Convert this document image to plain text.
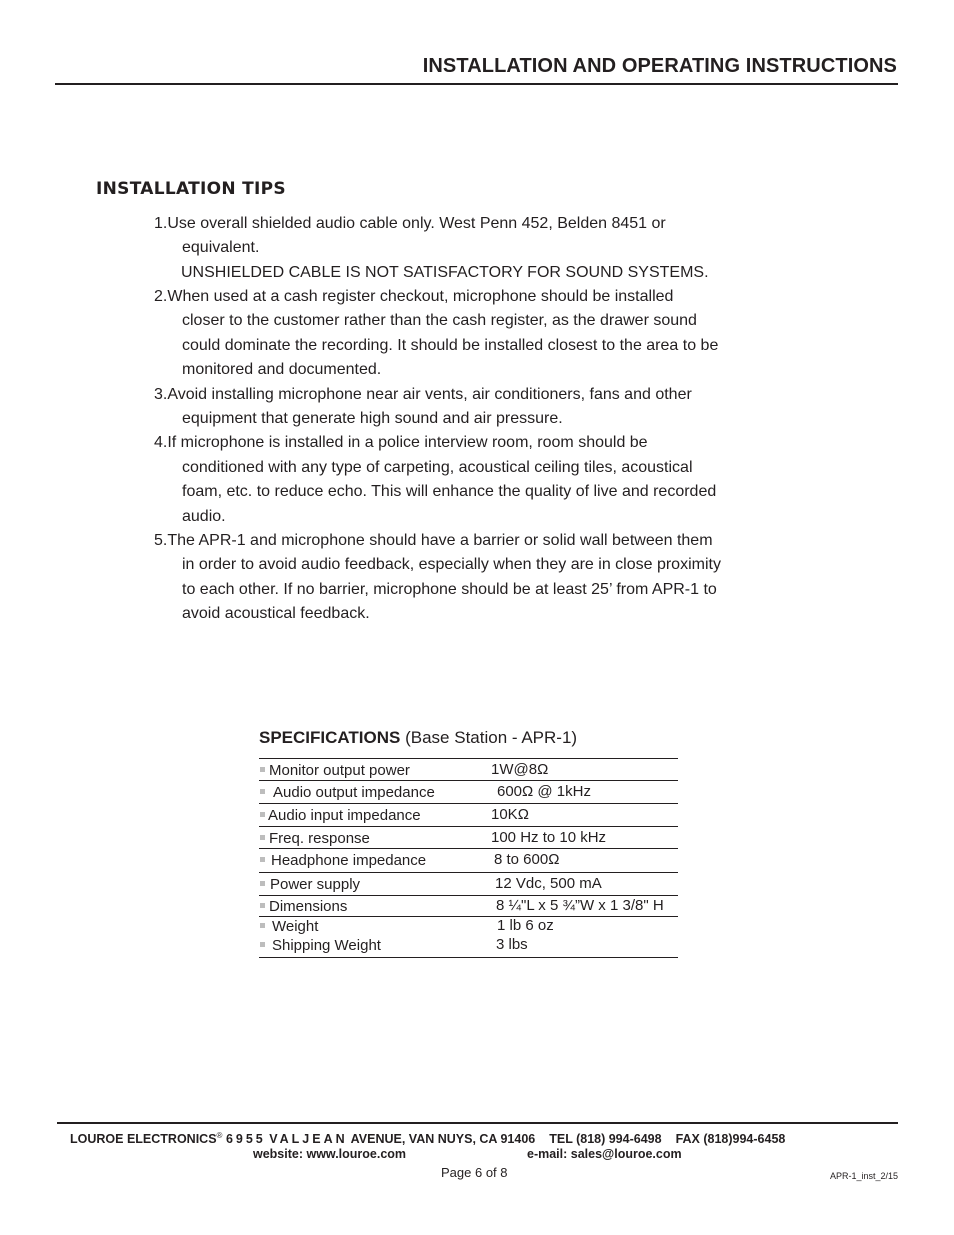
INSTALLATION AND OPERATING INSTRUCTIONS
INSTALLATION TIPS
1.Use overall shielded audio cable only. West Penn 452, Belden 8451 or
equivalent.
UNSHIELDED CABLE IS NOT SATISFACTORY FOR SOUND SYSTEMS.
2.When used at a cash register checkout, microphone should be installed
closer to the customer rather than the cash register, as the drawer sound
could dominate the recording. It should be installed closest to the area to be
monitored and documented.
3.Avoid installing microphone near air vents, air conditioners, fans and other
equipment that generate high sound and air pressure.
4.If microphone is installed in a police interview room, room should be
conditioned with any type of carpeting, acoustical ceiling tiles, acoustical
foam, etc. to reduce echo. This will enhance the quality of live and recorded
audio.
5.The APR-1 and microphone should have a barrier or solid wall between them
in order to avoid audio feedback, especially when they are in close proximity
to each other. If no barrier, microphone should be at least 25’ from APR-1 to
avoid acoustical feedback.
SPECIFICATIONS (Base Station - APR-1)
Monitor output power	1W@8Ω
Audio output impedance	600Ω @ 1kHz
Audio input impedance	10KΩ
Freq. response	100 Hz to 10 kHz
Headphone impedance	8 to 600Ω
Power supply	12 Vdc, 500 mA
Dimensions	8 ¼"L x 5 ¾”W x 1 3/8" H
Weight	1 lb 6 oz
Shipping Weight	3 lbs
LOUROE ELECTRONICS® 6955 VALJEAN AVENUE, VAN NUYS, CA 91406 TEL (818) 994-6498 FAX (818)994-6458
website: www.louroe.com	e-mail: sales@louroe.com
Page 6 of 8	APR-1_inst_2/15
